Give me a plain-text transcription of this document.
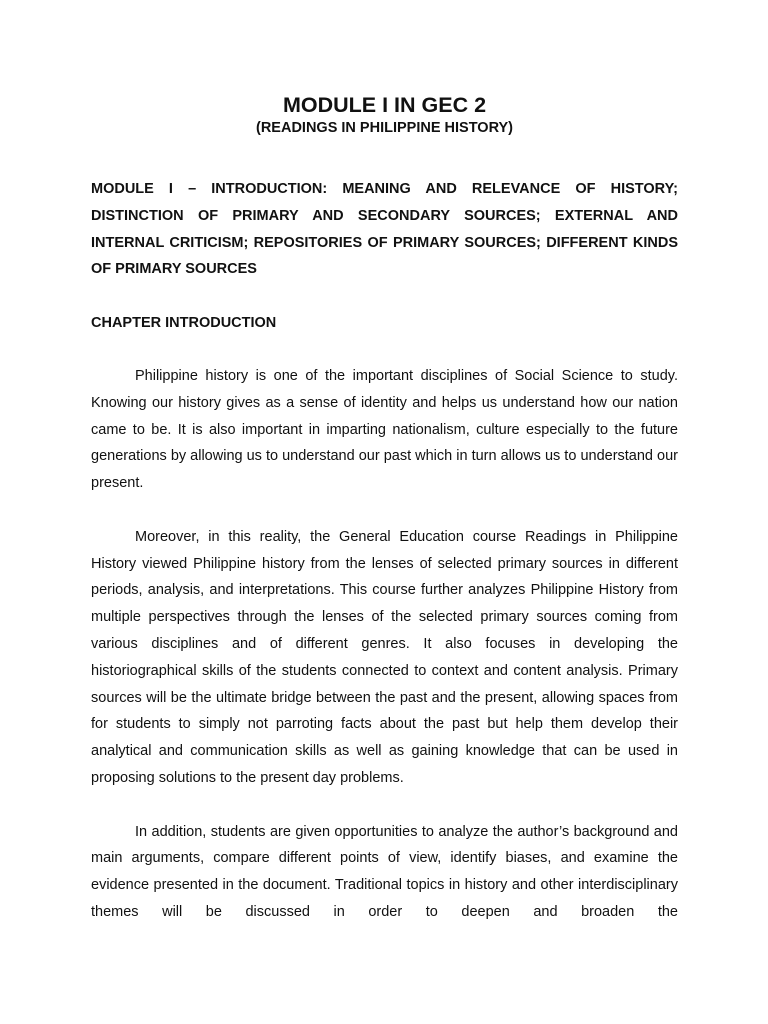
MODULE I IN GEC 2
(READINGS IN PHILIPPINE HISTORY)
MODULE I – INTRODUCTION: MEANING AND RELEVANCE OF HISTORY; DISTINCTION OF PRIMARY AND SECONDARY SOURCES; EXTERNAL AND INTERNAL CRITICISM; REPOSITORIES OF PRIMARY SOURCES; DIFFERENT KINDS OF PRIMARY SOURCES
CHAPTER INTRODUCTION

Philippine history is one of the important disciplines of Social Science to study. Knowing our history gives as a sense of identity and helps us understand how our nation came to be. It is also important in imparting nationalism, culture especially to the future generations by allowing us to understand our past which in turn allows us to understand our present.

Moreover, in this reality, the General Education course Readings in Philippine History viewed Philippine history from the lenses of selected primary sources in different periods, analysis, and interpretations. This course further analyzes Philippine History from multiple perspectives through the lenses of the selected primary sources coming from various disciplines and of different genres. It also focuses in developing the historiographical skills of the students connected to context and content analysis. Primary sources will be the ultimate bridge between the past and the present, allowing spaces from for students to simply not parroting facts about the past but help them develop their analytical and communication skills as well as gaining knowledge that can be used in proposing solutions to the present day problems.

In addition, students are given opportunities to analyze the author’s background and main arguments, compare different points of view, identify biases, and examine the evidence presented in the document. Traditional topics in history and other interdisciplinary themes will be discussed in order to deepen and broaden the
